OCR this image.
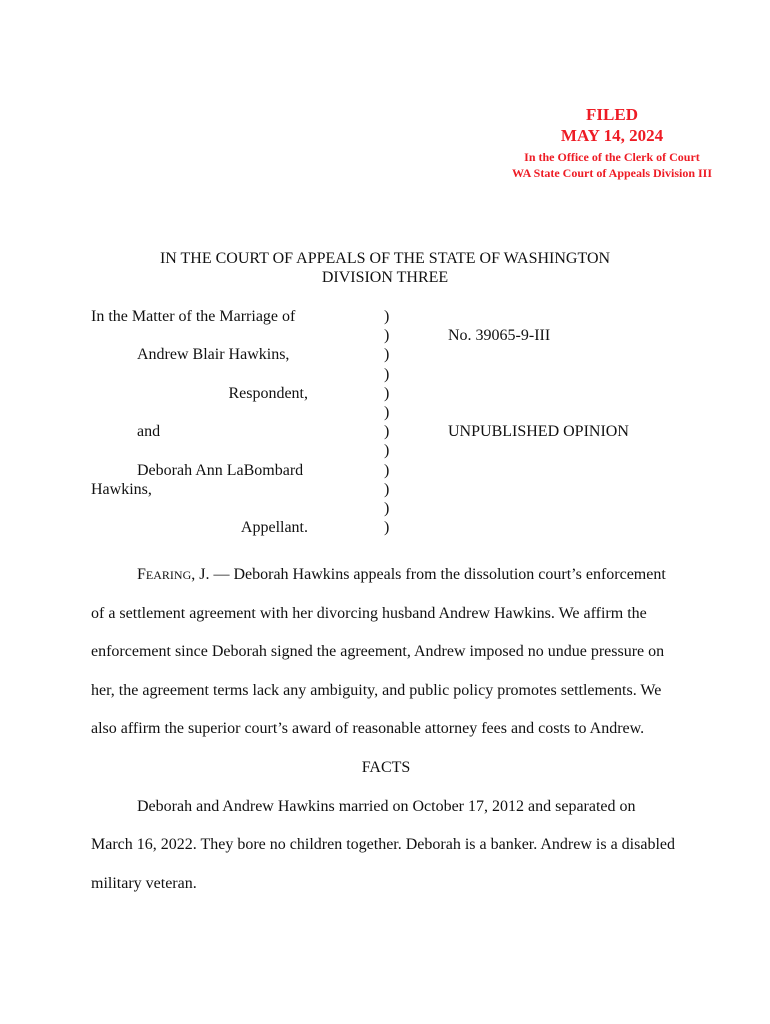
FILED
MAY 14, 2024
In the Office of the Clerk of Court
WA State Court of Appeals Division III
IN THE COURT OF APPEALS OF THE STATE OF WASHINGTON
DIVISION THREE
In the Matter of the Marriage of
Andrew Blair Hawkins,
Respondent,
and
Deborah Ann LaBombard
Hawkins,
Appellant.
)
)
)
)
)
)
)
)
)
)
)
)
No. 39065-9-III
UNPUBLISHED OPINION

FEARING, J. — Deborah Hawkins appeals from the dissolution court’s enforcement of a settlement agreement with her divorcing husband Andrew Hawkins. We affirm the enforcement since Deborah signed the agreement, Andrew imposed no undue pressure on her, the agreement terms lack any ambiguity, and public policy promotes settlements. We also affirm the superior court’s award of reasonable attorney fees and costs to Andrew.

FACTS

Deborah and Andrew Hawkins married on October 17, 2012 and separated on March 16, 2022. They bore no children together. Deborah is a banker. Andrew is a disabled military veteran.
